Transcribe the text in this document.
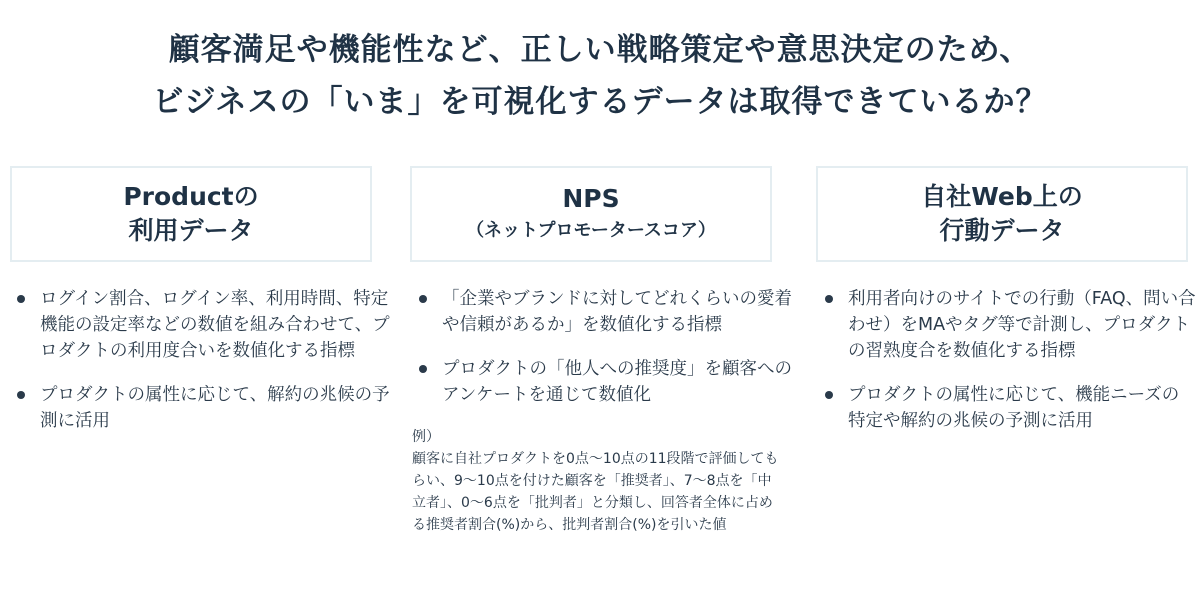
顧客満足や機能性など、正しい戦略策定や意思決定のため、
ビジネスの「いま」を可視化するデータは取得できているか？
Productの
利用データ
NPS
（ネットプロモータースコア）
自社Web上の
行動データ
ログイン割合、ログイン率、利用時間、特定機能の設定率などの数値を組み合わせて、プロダクトの利用度合いを数値化する指標
プロダクトの属性に応じて、解約の兆候の予測に活用
「企業やブランドに対してどれくらいの愛着や信頼があるか」を数値化する指標
プロダクトの「他人への推奨度」を顧客へのアンケートを通じて数値化
例）
顧客に自社プロダクトを0点〜10点の11段階で評価してもらい、9〜10点を付けた顧客を「推奨者」、7〜8点を「中立者」、0〜6点を「批判者」と分類し、回答者全体に占める推奨者割合(%)から、批判者割合(%)を引いた値
利用者向けのサイトでの行動（FAQ、問い合わせ）をMAやタグ等で計測し、プロダクトの習熟度合を数値化する指標
プロダクトの属性に応じて、機能ニーズの特定や解約の兆候の予測に活用
